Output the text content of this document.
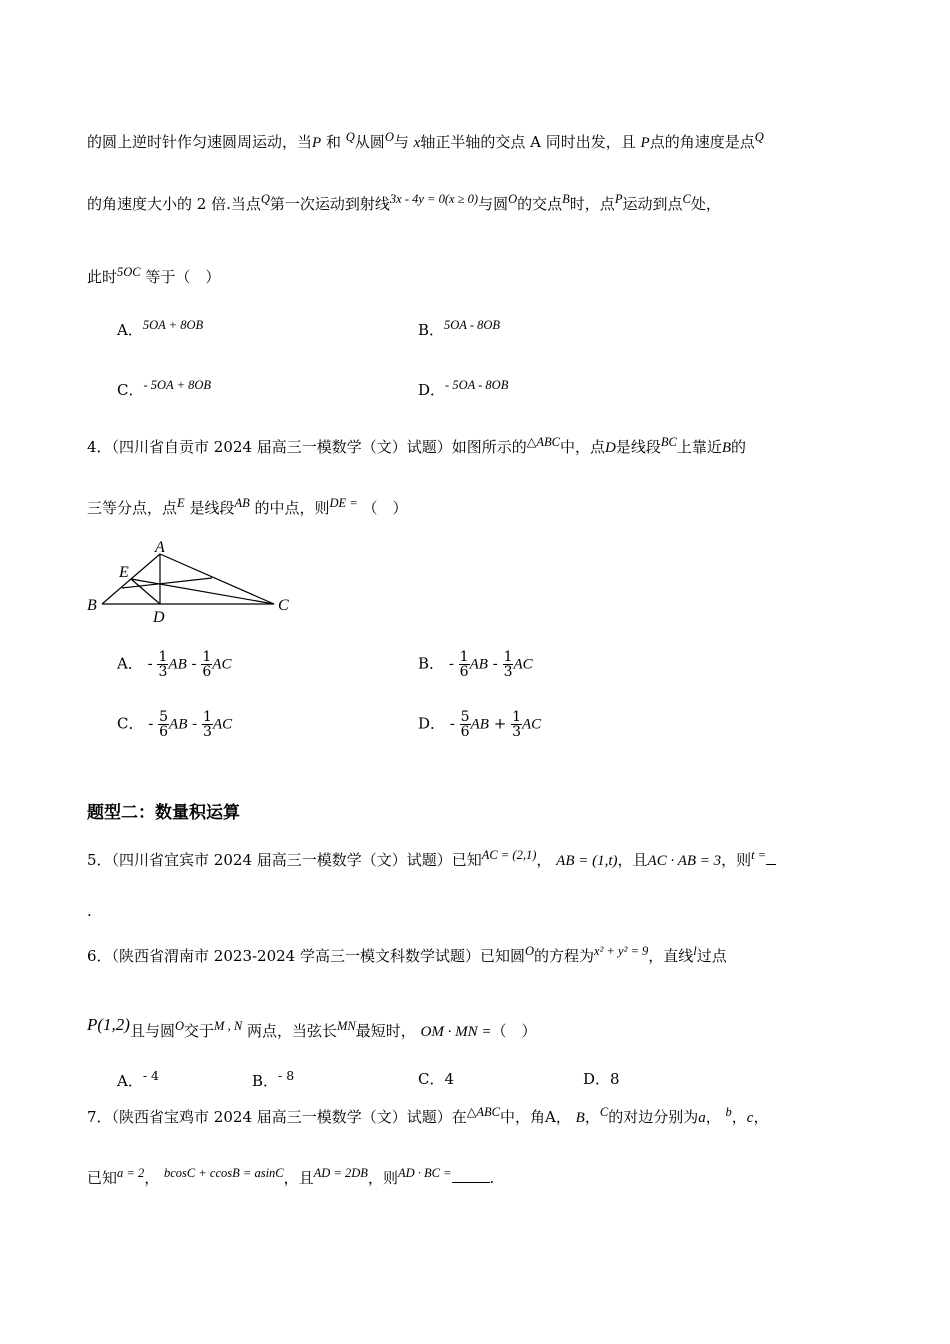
的圆上逆时针作匀速圆周运动，当P 和 $^Q$从圆$^O$与 x轴正半轴的交点 A 同时出发，且 P点的角速度是点$^Q$
的角速度大小的 2 倍.当点$^Q$第一次运动到射线$^{3x - 4y = 0(x \ge 0)}$与圆$^O$的交点$^B$时，点$^P$运动到点$^C$处，
此时$^{5OC}$ 等于（　）
A．$^{5OA + 8OB}$	B．$^{5OA - 8OB}$
C．$^{- 5OA + 8OB}$	D．$^{- 5OA - 8OB}$
4．（四川省自贡市 2024 届高三一模数学（文）试题）如图所示的$^{\triangle ABC}$中，点D是线段$^{BC}$上靠近B的
三等分点，点$^E$ 是线段$^{AB}$ 的中点，则$^{DE =}$ （　）
A
E
B
D
C
A． - $\frac{1}{3}$ AB - $\frac{1}{6}$ AC	B． - $\frac{1}{6}$ AB - $\frac{1}{3}$ AC
C． - $\frac{5}{6}$ AB - $\frac{1}{3}$ AC	D． - $\frac{5}{6}$ AB + $\frac{1}{3}$ AC
题型二：数量积运算
5．（四川省宜宾市 2024 届高三一模数学（文）试题）已知$^{AC = (2,1)}$， AB = (1,t)，且AC · AB = 3，则$^{t =}$
.
6．（陕西省渭南市 2023-2024 学高三一模文科数学试题）已知圆$^O$的方程为$^{x^2 + y^2 = 9}$，直线$^l$过点
$^{P(1,2)}$且与圆$^O$交于$^{M , N}$ 两点，当弦长$^{MN}$最短时， OM · MN =（　）
A．$^{- 4}$	B．$^{- 8}$	C．4	D．8
7．（陕西省宝鸡市 2024 届高三一模数学（文）试题）在$^{\triangle ABC}$中，角A， B，$^C$的对边分别为a， $^b$，c，
已知$^{a = 2}$， $^{bcosC + ccosB = asinC}$，且$^{AD = 2DB}$，则$^{AD \cdot BC =}$	.
